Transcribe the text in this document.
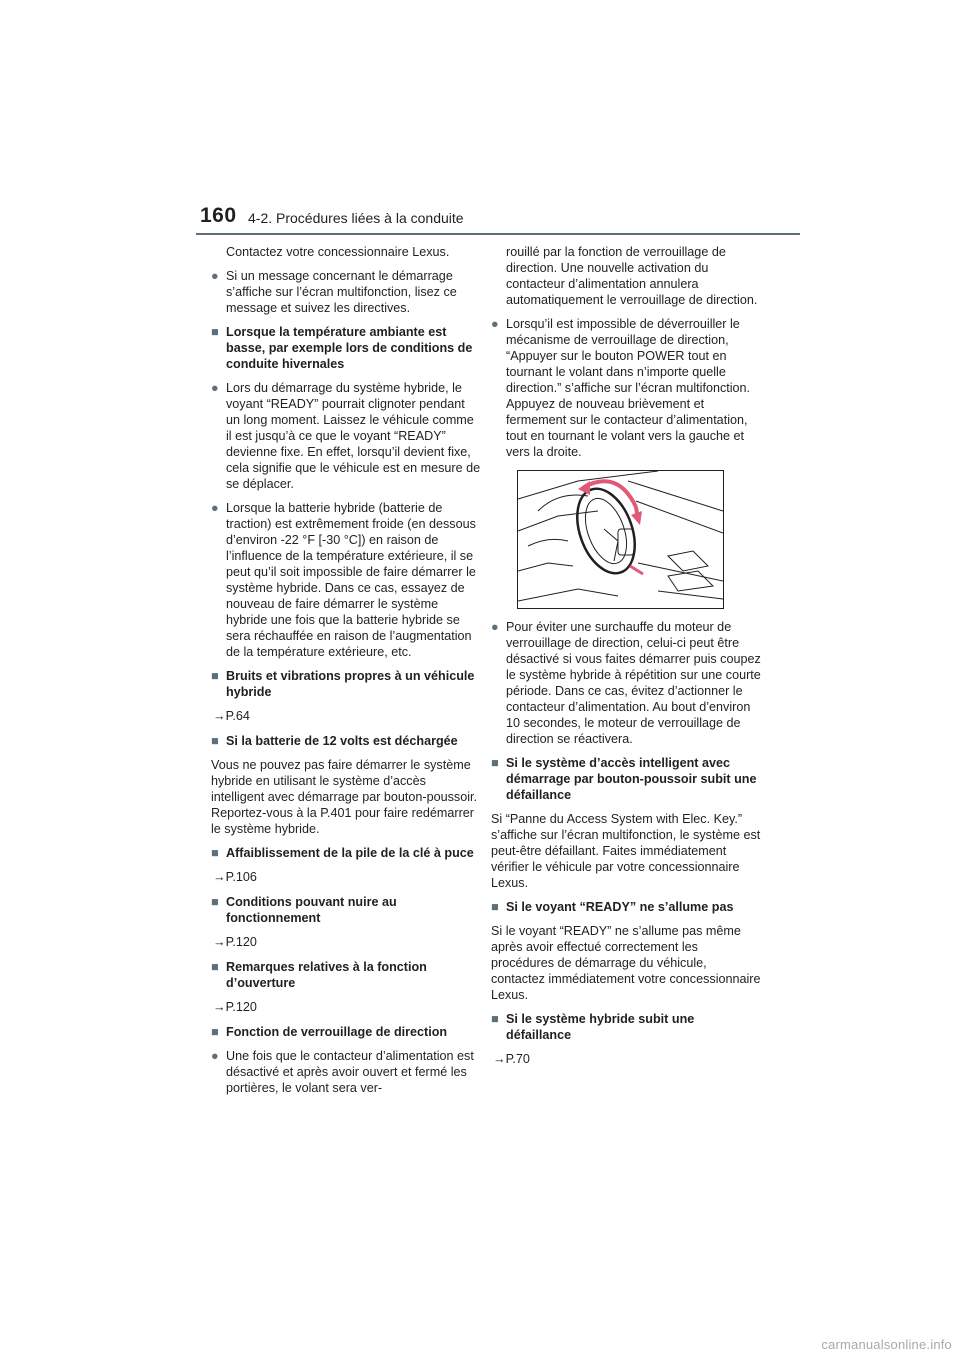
160 4-2. Procédures liées à la conduite

Contactez votre concessionnaire Lexus.

● Si un message concernant le démarrage s’affiche sur l’écran multifonction, lisez ce message et suivez les directives.

■ Lorsque la température ambiante est basse, par exemple lors de conditions de conduite hivernales

● Lors du démarrage du système hybride, le voyant “READY” pourrait clignoter pendant un long moment. Laissez le véhicule comme il est jusqu’à ce que le voyant “READY” devienne fixe. En effet, lorsqu’il devient fixe, cela signifie que le véhicule est en mesure de se déplacer.

● Lorsque la batterie hybride (batterie de traction) est extrêmement froide (en dessous d’environ -22 °F [-30 °C]) en raison de l’influence de la température extérieure, il se peut qu’il soit impossible de faire démarrer le système hybride. Dans ce cas, essayez de nouveau de faire démarrer le système hybride une fois que la batterie hybride se sera réchauffée en raison de l’augmentation de la température extérieure, etc.

■ Bruits et vibrations propres à un véhicule hybride

→P.64

■ Si la batterie de 12 volts est déchargée

Vous ne pouvez pas faire démarrer le système hybride en utilisant le système d’accès intelligent avec démarrage par bouton-poussoir. Reportez-vous à la P.401 pour faire redémarrer le système hybride.

■ Affaiblissement de la pile de la clé à puce

→P.106

■ Conditions pouvant nuire au fonctionnement

→P.120

■ Remarques relatives à la fonction d’ouverture

→P.120

■ Fonction de verrouillage de direction

● Une fois que le contacteur d’alimentation est désactivé et après avoir ouvert et fermé les portières, le volant sera ver-

rouillé par la fonction de verrouillage de direction. Une nouvelle activation du contacteur d’alimentation annulera automatiquement le verrouillage de direction.

● Lorsqu’il est impossible de déverrouiller le mécanisme de verrouillage de direction, “Appuyer sur le bouton POWER tout en tournant le volant dans n’importe quelle direction.” s’affiche sur l’écran multifonction.

Appuyez de nouveau brièvement et fermement sur le contacteur d’alimentation, tout en tournant le volant vers la gauche et vers la droite.

● Pour éviter une surchauffe du moteur de verrouillage de direction, celui-ci peut être désactivé si vous faites démarrer puis coupez le système hybride à répétition sur une courte période. Dans ce cas, évitez d’actionner le contacteur d’alimentation. Au bout d’environ 10 secondes, le moteur de verrouillage de direction se réactivera.

■ Si le système d’accès intelligent avec démarrage par bouton-poussoir subit une défaillance

Si “Panne du Access System with Elec. Key.” s’affiche sur l’écran multifonction, le système est peut-être défaillant. Faites immédiatement vérifier le véhicule par votre concessionnaire Lexus.

■ Si le voyant “READY” ne s’allume pas

Si le voyant “READY” ne s’allume pas même après avoir effectué correctement les procédures de démarrage du véhicule, contactez immédiatement votre concessionnaire Lexus.

■ Si le système hybride subit une défaillance

→P.70

carmanualsonline.info
